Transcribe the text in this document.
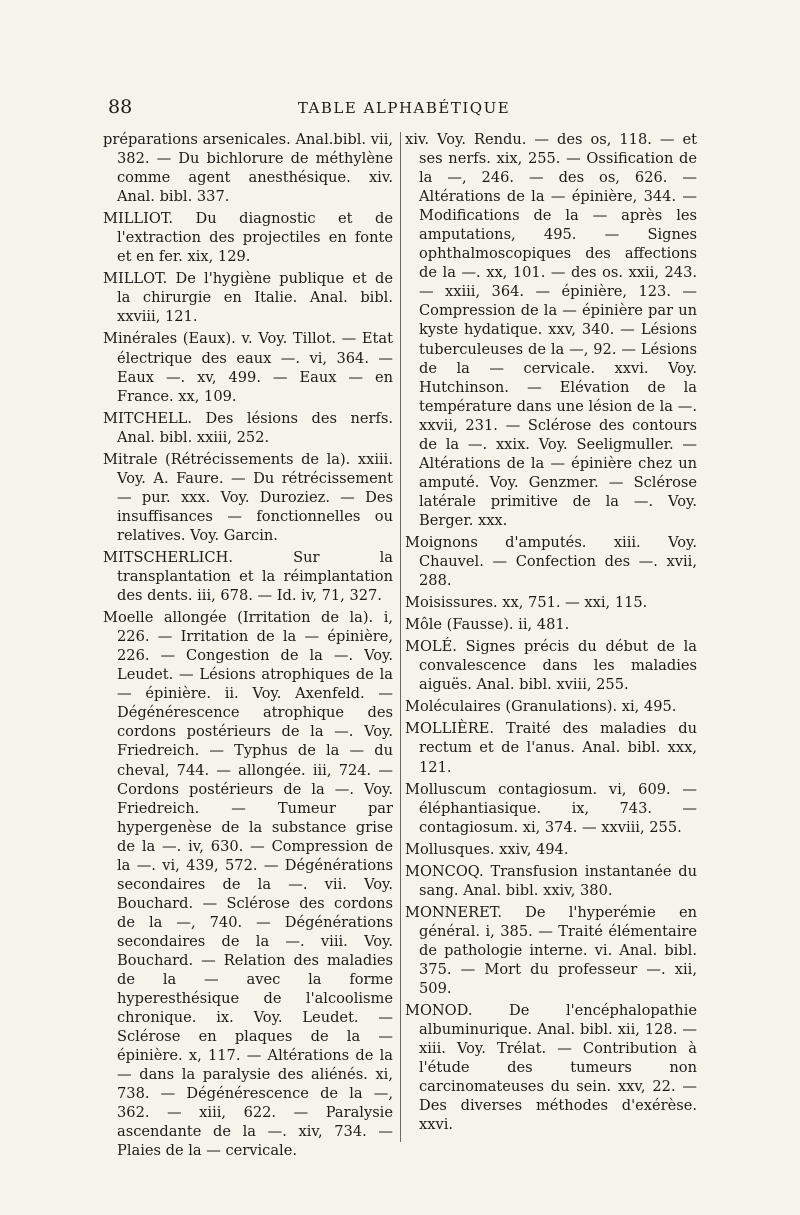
88	TABLE ALPHABÉTIQUE

préparations arsenicales. Anal.bibl. vii, 382. — Du bichlorure de méthylène comme agent anesthésique. xiv. Anal. bibl. 337.

MILLIOT. Du diagnostic et de l'extraction des projectiles en fonte et en fer. xix, 129.

MILLOT. De l'hygiène publique et de la chirurgie en Italie. Anal. bibl. xxviii, 121.

Minérales (Eaux). v. Voy. Tillot. — Etat électrique des eaux —. vi, 364. — Eaux —. xv, 499. — Eaux — en France. xx, 109.

MITCHELL. Des lésions des nerfs. Anal. bibl. xxiii, 252.

Mitrale (Rétrécissements de la). xxiii. Voy. A. Faure. — Du rétrécissement — pur. xxx. Voy. Duroziez. — Des insuffisances — fonctionnelles ou relatives. Voy. Garcin.

MITSCHERLICH. Sur la transplantation et la réimplantation des dents. iii, 678. — Id. iv, 71, 327.

Moelle allongée (Irritation de la). i, 226. — Irritation de la — épinière, 226. — Congestion de la —. Voy. Leudet. — Lésions atrophiques de la — épinière. ii. Voy. Axenfeld. — Dégénérescence atrophique des cordons postérieurs de la —. Voy. Friedreich. — Typhus de la — du cheval, 744. — allongée. iii, 724. — Cordons postérieurs de la —. Voy. Friedreich. — Tumeur par hypergenèse de la substance grise de la —. iv, 630. — Compression de la —. vi, 439, 572. — Dégénérations secondaires de la —. vii. Voy. Bouchard. — Sclérose des cordons de la —, 740. — Dégénérations secondaires de la —. viii. Voy. Bouchard. — Relation des maladies de la — avec la forme hyperesthésique de l'alcoolisme chronique. ix. Voy. Leudet. — Sclérose en plaques de la — épinière. x, 117. — Altérations de la — dans la paralysie des aliénés. xi, 738. — Dégénérescence de la —, 362. — xiii, 622. — Paralysie ascendante de la —. xiv, 734. — Plaies de la — cervicale.

xiv. Voy. Rendu. — des os, 118. — et ses nerfs. xix, 255. — Ossification de la —, 246. — des os, 626. — Altérations de la — épinière, 344. — Modifications de la — après les amputations, 495. — Signes ophthalmoscopiques des affections de la —. xx, 101. — des os. xxii, 243. — xxiii, 364. — épinière, 123. — Compression de la — épinière par un kyste hydatique. xxv, 340. — Lésions tuberculeuses de la —, 92. — Lésions de la — cervicale. xxvi. Voy. Hutchinson. — Elévation de la température dans une lésion de la —. xxvii, 231. — Sclérose des contours de la —. xxix. Voy. Seeligmuller. — Altérations de la — épinière chez un amputé. Voy. Genzmer. — Sclérose latérale primitive de la —. Voy. Berger. xxx.

Moignons d'amputés. xiii. Voy. Chauvel. — Confection des —. xvii, 288.

Moisissures. xx, 751. — xxi, 115.

Môle (Fausse). ii, 481.

MOLÉ. Signes précis du début de la convalescence dans les maladies aiguës. Anal. bibl. xviii, 255.

Moléculaires (Granulations). xi, 495.

MOLLIÈRE. Traité des maladies du rectum et de l'anus. Anal. bibl. xxx, 121.

Molluscum contagiosum. vi, 609. — éléphantiasique. ix, 743. — contagiosum. xi, 374. — xxviii, 255.

Mollusques. xxiv, 494.

MONCOQ. Transfusion instantanée du sang. Anal. bibl. xxiv, 380.

MONNERET. De l'hyperémie en général. i, 385. — Traité élémentaire de pathologie interne. vi. Anal. bibl. 375. — Mort du professeur —. xii, 509.

MONOD. De l'encéphalopathie albuminurique. Anal. bibl. xii, 128. — xiii. Voy. Trélat. — Contribution à l'étude des tumeurs non carcinomateuses du sein. xxv, 22. — Des diverses méthodes d'exérèse. xxvi.
